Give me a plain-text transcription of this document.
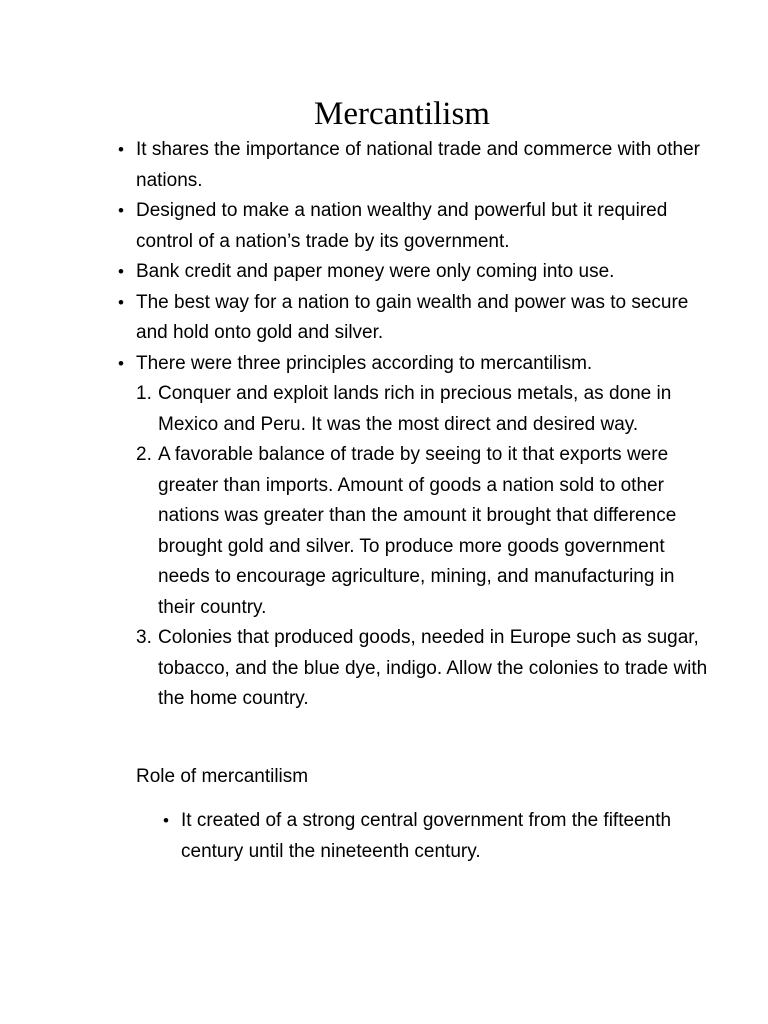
Mercantilism
• It shares the importance of national trade and commerce with other nations.
• Designed to make a nation wealthy and powerful but it required control of a nation’s trade by its government.
• Bank credit and paper money were only coming into use.
• The best way for a nation to gain wealth and power was to secure and hold onto gold and silver.
• There were three principles according to mercantilism.
1. Conquer and exploit lands rich in precious metals, as done in Mexico and Peru. It was the most direct and desired way.
2. A favorable balance of trade by seeing to it that exports were greater than imports. Amount of goods a nation sold to other nations was greater than the amount it brought that difference brought gold and silver. To produce more goods government needs to encourage agriculture, mining, and manufacturing in their country.
3. Colonies that produced goods, needed in Europe such as sugar, tobacco, and the blue dye, indigo. Allow the colonies to trade with the home country.

Role of mercantilism

• It created of a strong central government from the fifteenth century until the nineteenth century.
